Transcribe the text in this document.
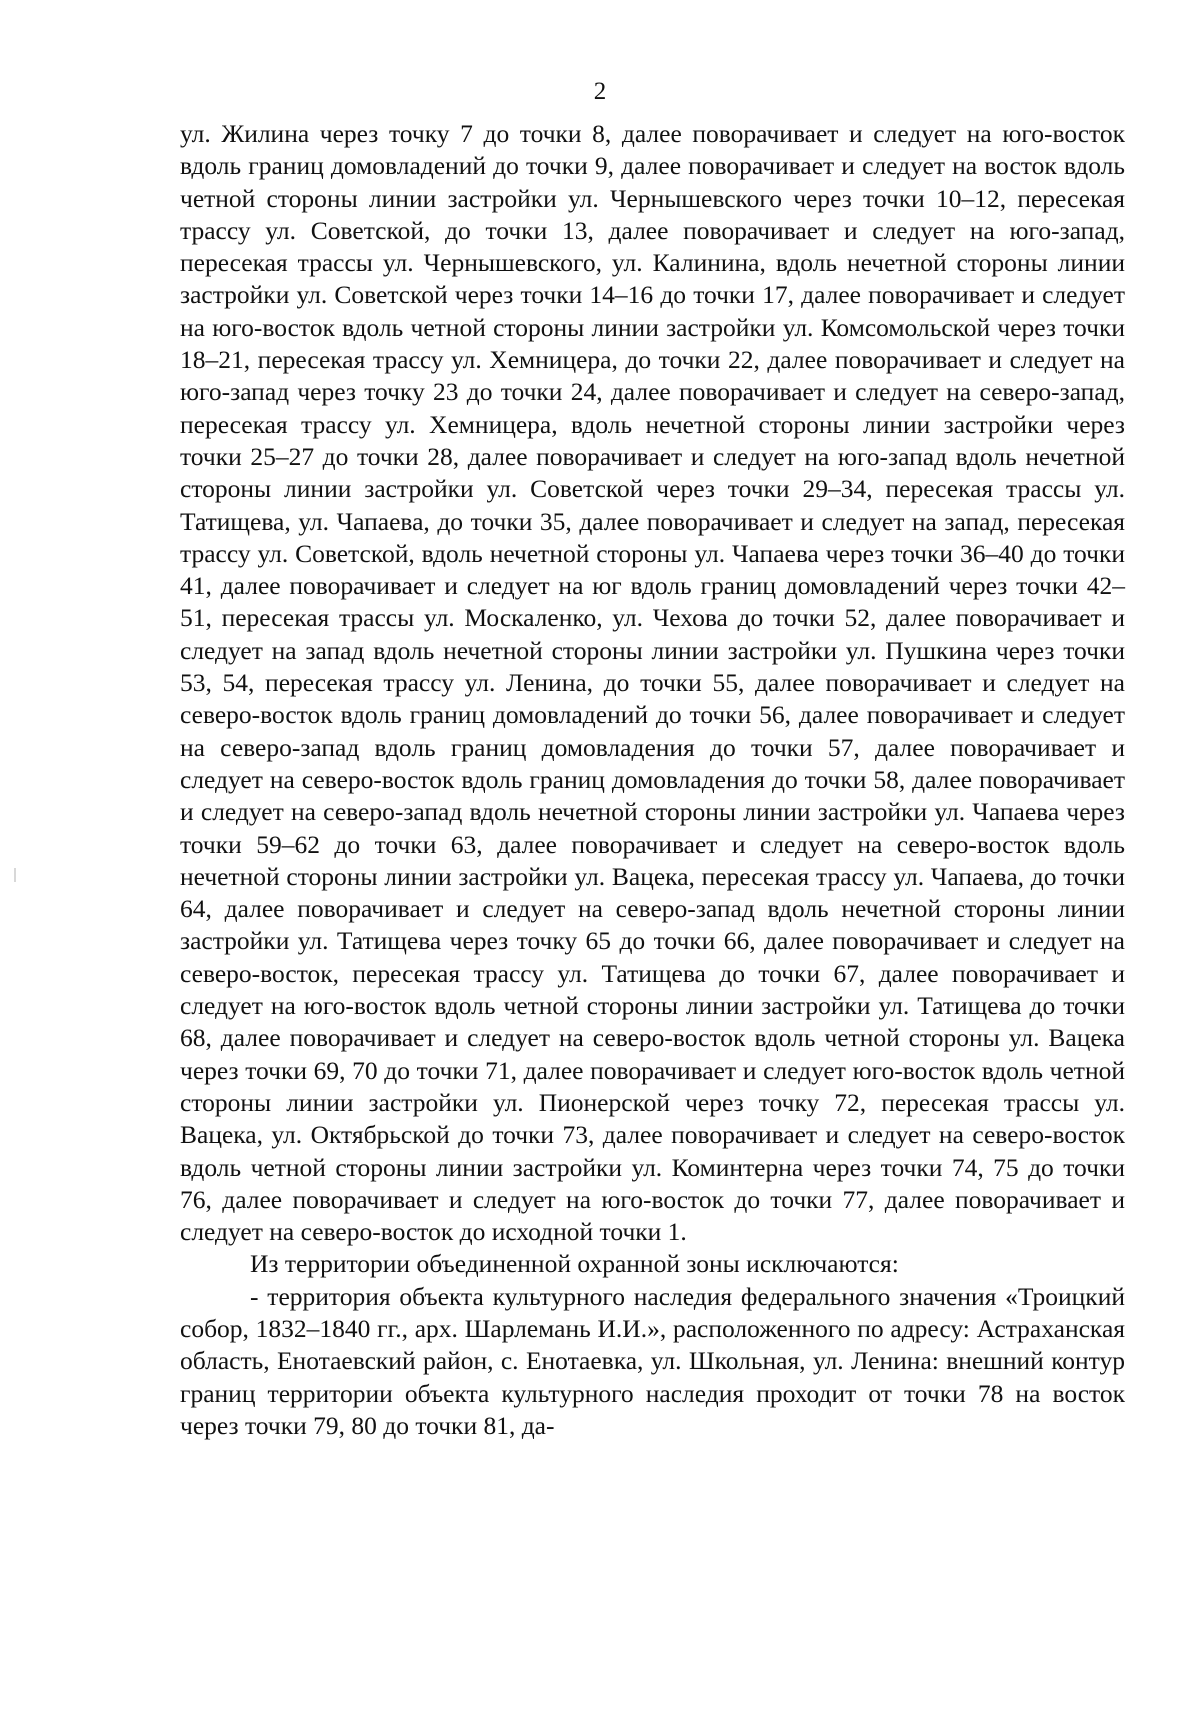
2

ул. Жилина через точку 7 до точки 8, далее поворачивает и следует на юго-восток вдоль границ домовладений до точки 9, далее поворачивает и следует на восток вдоль четной стороны линии застройки ул. Чернышевского через точки 10–12, пересекая трассу ул. Советской, до точки 13, далее поворачивает и следует на юго-запад, пересекая трассы ул. Чернышевского, ул. Калинина, вдоль нечетной стороны линии застройки ул. Советской через точки 14–16 до точки 17, далее поворачивает и следует на юго-восток вдоль четной стороны линии застройки ул. Комсомольской через точки 18–21, пересекая трассу ул. Хемницера, до точки 22, далее поворачивает и следует на юго-запад через точку 23 до точки 24, далее поворачивает и следует на северо-запад, пересекая трассу ул. Хемницера, вдоль нечетной стороны линии застройки через точки 25–27 до точки 28, далее поворачивает и следует на юго-запад вдоль нечетной стороны линии застройки ул. Советской через точки 29–34, пересекая трассы ул. Татищева, ул. Чапаева, до точки 35, далее поворачивает и следует на запад, пересекая трассу ул. Советской, вдоль нечетной стороны ул. Чапаева через точки 36–40 до точки 41, далее поворачивает и следует на юг вдоль границ домовладений через точки 42–51, пересекая трассы ул. Москаленко, ул. Чехова до точки 52, далее поворачивает и следует на запад вдоль нечетной стороны линии застройки ул. Пушкина через точки 53, 54, пересекая трассу ул. Ленина, до точки 55, далее поворачивает и следует на северо-восток вдоль границ домовладений до точки 56, далее поворачивает и следует на северо-запад вдоль границ домовладения до точки 57, далее поворачивает и следует на северо-восток вдоль границ домовладения до точки 58, далее поворачивает и следует на северо-запад вдоль нечетной стороны линии застройки ул. Чапаева через точки 59–62 до точки 63, далее поворачивает и следует на северо-восток вдоль нечетной стороны линии застройки ул. Вацека, пересекая трассу ул. Чапаева, до точки 64, далее поворачивает и следует на северо-запад вдоль нечетной стороны линии застройки ул. Татищева через точку 65 до точки 66, далее поворачивает и следует на северо-восток, пересекая трассу ул. Татищева до точки 67, далее поворачивает и следует на юго-восток вдоль четной стороны линии застройки ул. Татищева до точки 68, далее поворачивает и следует на северо-восток вдоль четной стороны ул. Вацека через точки 69, 70 до точки 71, далее поворачивает и следует юго-восток вдоль четной стороны линии застройки ул. Пионерской через точку 72, пересекая трассы ул. Вацека, ул. Октябрьской до точки 73, далее поворачивает и следует на северо-восток вдоль четной стороны линии застройки ул. Коминтерна через точки 74, 75 до точки 76, далее поворачивает и следует на юго-восток до точки 77, далее поворачивает и следует на северо-восток до исходной точки 1.

Из территории объединенной охранной зоны исключаются:

- территория объекта культурного наследия федерального значения «Троицкий собор, 1832–1840 гг., арх. Шарлемань И.И.», расположенного по адресу: Астраханская область, Енотаевский район, с. Енотаевка, ул. Школьная, ул. Ленина: внешний контур границ территории объекта культурного наследия проходит от точки 78 на восток через точки 79, 80 до точки 81, да-
